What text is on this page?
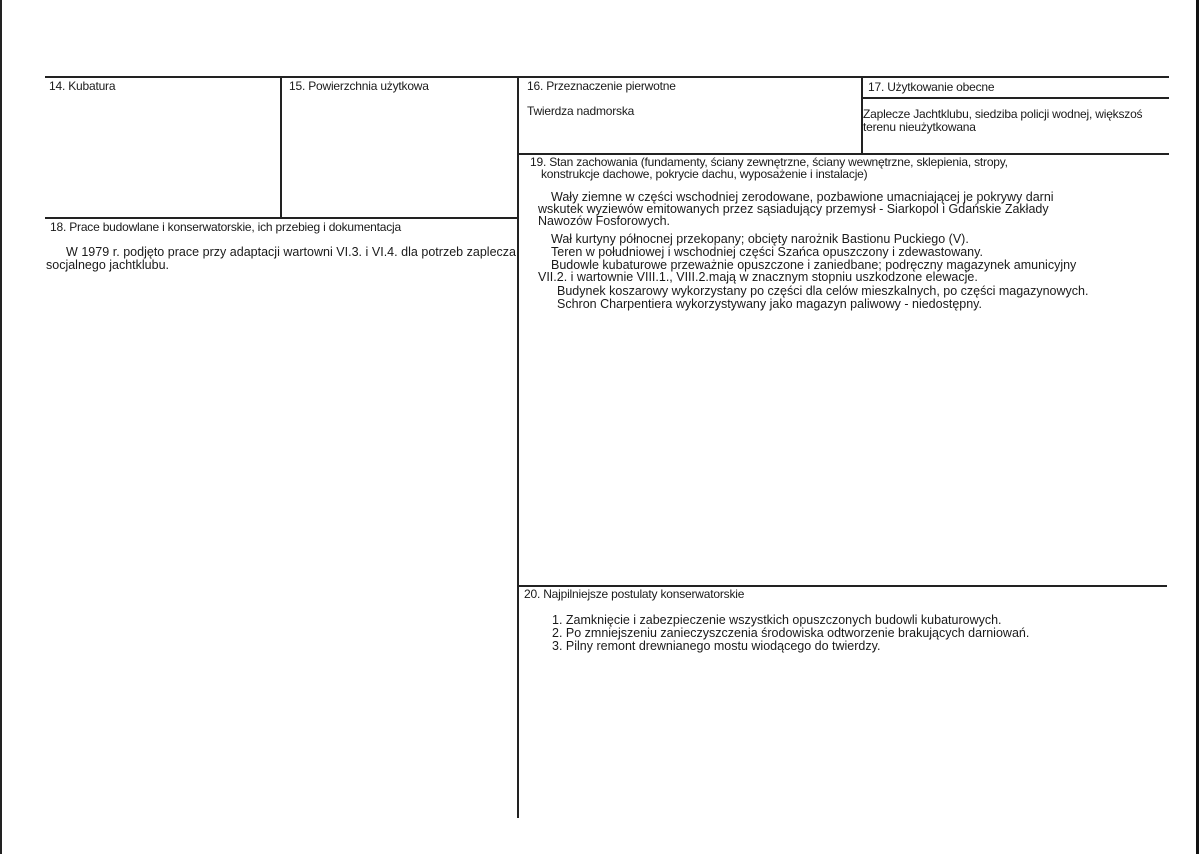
14. Kubatura	15. Powierzchnia użytkowa	16. Przeznaczenie pierwotne
Twierdza nadmorska
17. Użytkowanie obecne
Zaplecze Jachtklubu, siedziba policji wodnej, większoś
terenu nieużytkowana
19. Stan zachowania (fundamenty, ściany zewnętrzne, ściany wewnętrzne, sklepienia, stropy,
konstrukcje dachowe, pokrycie dachu, wyposażenie i instalacje)
Wały ziemne w części wschodniej zerodowane, pozbawione umacniającej je pokrywy darni
wskutek wyziewów emitowanych przez sąsiadujący przemysł - Siarkopol i Gdańskie Zakłady
Nawozów Fosforowych.
Wał kurtyny północnej przekopany; obcięty narożnik Bastionu Puckiego (V).
Teren w południowej i wschodniej części Szańca opuszczony i zdewastowany.
Budowle kubaturowe przeważnie opuszczone i zaniedbane; podręczny magazynek amunicyjny
VII.2. i wartownie VIII.1., VIII.2.mają w znacznym stopniu uszkodzone elewacje.
Budynek koszarowy wykorzystany po części dla celów mieszkalnych, po części magazynowych.
Schron Charpentiera wykorzystywany jako magazyn paliwowy - niedostępny.
18. Prace budowlane i konserwatorskie, ich przebieg i dokumentacja
W 1979 r. podjęto prace przy adaptacji wartowni VI.3. i VI.4. dla potrzeb zaplecza socjalnego jachtklubu.
20. Najpilniejsze postulaty konserwatorskie
1. Zamknięcie i zabezpieczenie wszystkich opuszczonych budowli kubaturowych.
2. Po zmniejszeniu zanieczyszczenia środowiska odtworzenie brakujących darniowań.
3. Pilny remont drewnianego mostu wiodącego do twierdzy.
